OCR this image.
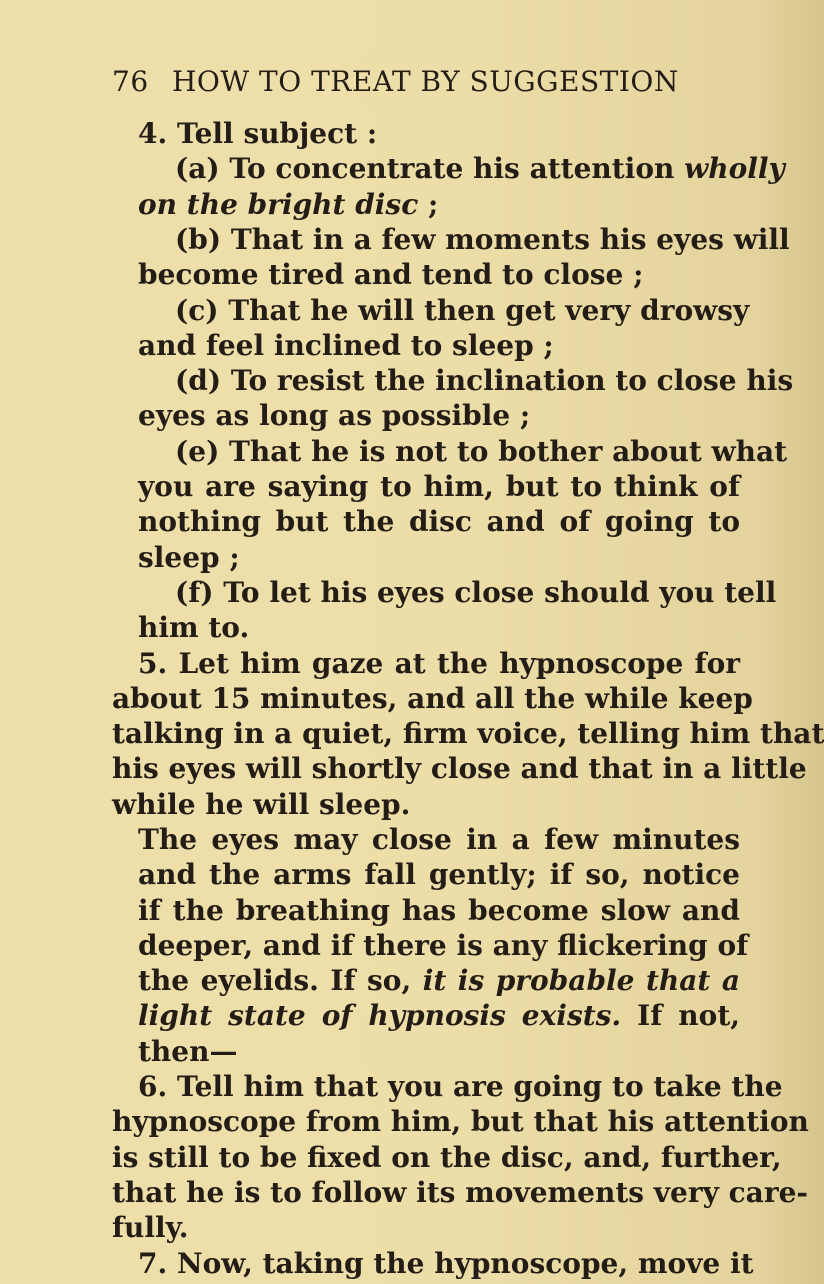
76 HOW TO TREAT BY SUGGESTION
4. Tell subject :
(a) To concentrate his attention wholly
on the bright disc ;
(b) That in a few moments his eyes will
become tired and tend to close ;
(c) That he will then get very drowsy
and feel inclined to sleep ;
(d) To resist the inclination to close his
eyes as long as possible ;
(e) That he is not to bother about what
you are saying to him, but to think of
nothing but the disc and of going to
sleep ;
(f) To let his eyes close should you tell
him to.
5. Let him gaze at the hypnoscope for
about 15 minutes, and all the while keep
talking in a quiet, firm voice, telling him that
his eyes will shortly close and that in a little
while he will sleep.
The eyes may close in a few minutes
and the arms fall gently; if so, notice
if the breathing has become slow and
deeper, and if there is any flickering of
the eyelids. If so, it is probable that a
light state of hypnosis exists. If not,
then—
6. Tell him that you are going to take the
hypnoscope from him, but that his attention
is still to be fixed on the disc, and, further,
that he is to follow its movements very care-
fully.
7. Now, taking the hypnoscope, move it
